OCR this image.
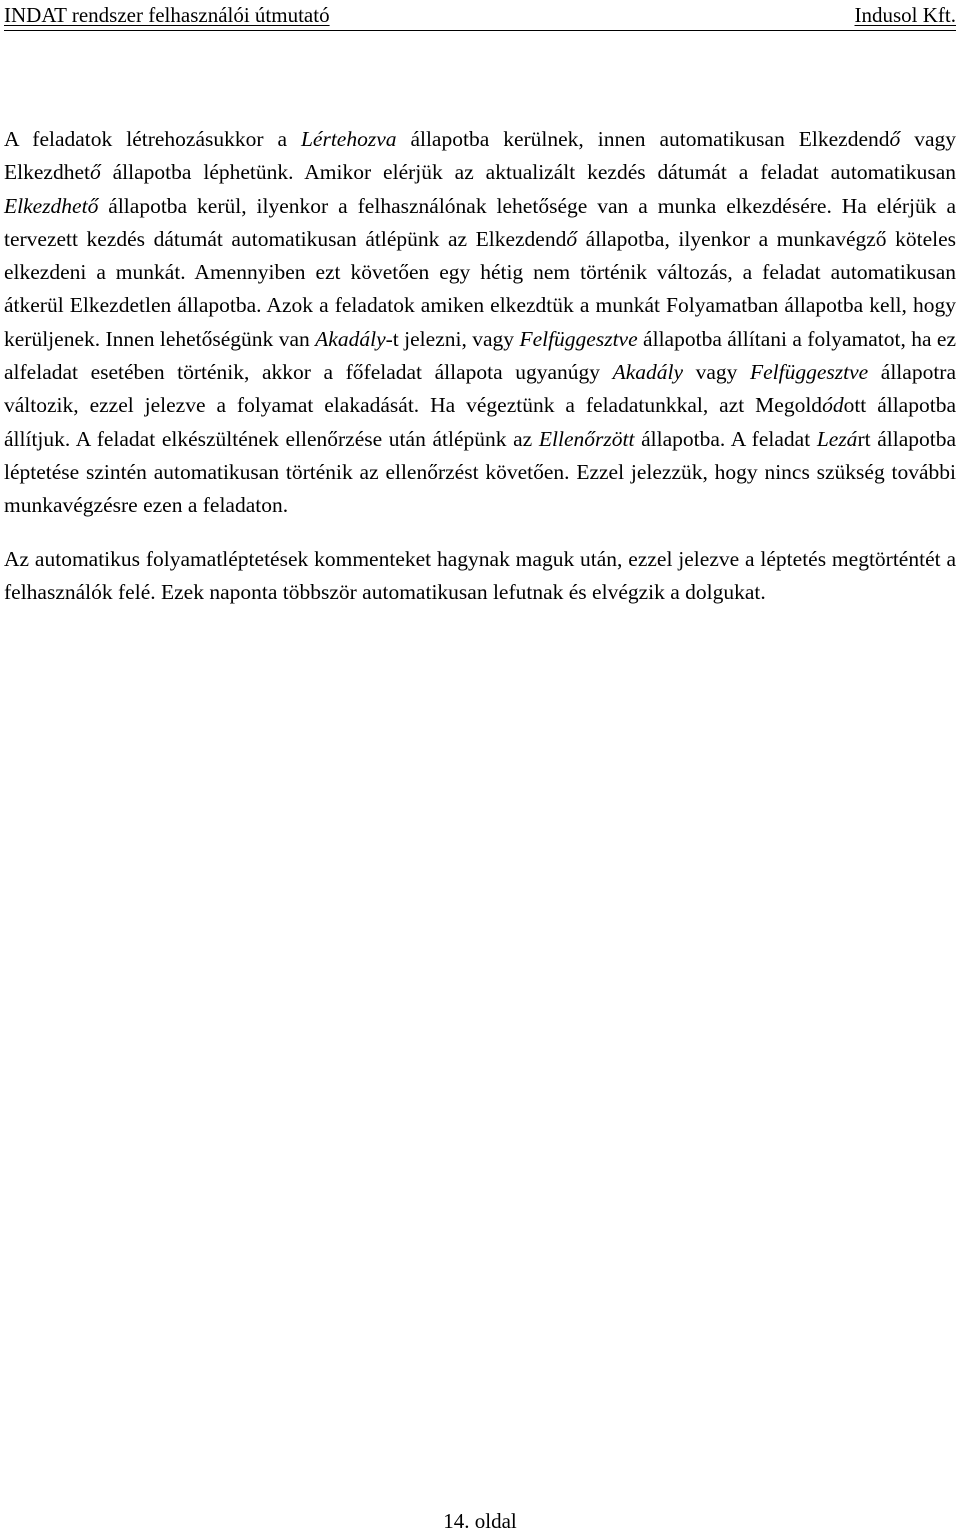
INDAT rendszer felhasználói útmutató	Indusol Kft.

A feladatok létrehozásukkor a Lértehozva állapotba kerülnek, innen automatikusan Elkezdendő vagy Elkezdhető állapotba léphetünk. Amikor elérjük az aktualizált kezdés dátumát a feladat automatikusan Elkezdhető állapotba kerül, ilyenkor a felhasználónak lehetősége van a munka elkezdésére. Ha elérjük a tervezett kezdés dátumát automatikusan átlépünk az Elkezdendő állapotba, ilyenkor a munkavégző köteles elkezdeni a munkát. Amennyiben ezt követően egy hétig nem történik változás, a feladat automatikusan átkerül Elkezdetlen állapotba. Azok a feladatok amiken elkezdtük a munkát Folyamatban állapotba kell, hogy kerüljenek. Innen lehetőségünk van Akadály-t jelezni, vagy Felfüggesztve állapotba állítani a folyamatot, ha ez alfeladat esetében történik, akkor a főfeladat állapota ugyanúgy Akadály vagy Felfüggesztve állapotra változik, ezzel jelezve a folyamat elakadását. Ha végeztünk a feladatunkkal, azt Megoldódott állapotba állítjuk. A feladat elkészültének ellenőrzése után átlépünk az Ellenőrzött állapotba. A feladat Lezárt állapotba léptetése szintén automatikusan történik az ellenőrzést követően. Ezzel jelezzük, hogy nincs szükség további munkavégzésre ezen a feladaton.

Az automatikus folyamatléptetések kommenteket hagynak maguk után, ezzel jelezve a léptetés megtörténtét a felhasználók felé. Ezek naponta többször automatikusan lefutnak és elvégzik a dolgukat.

14. oldal
